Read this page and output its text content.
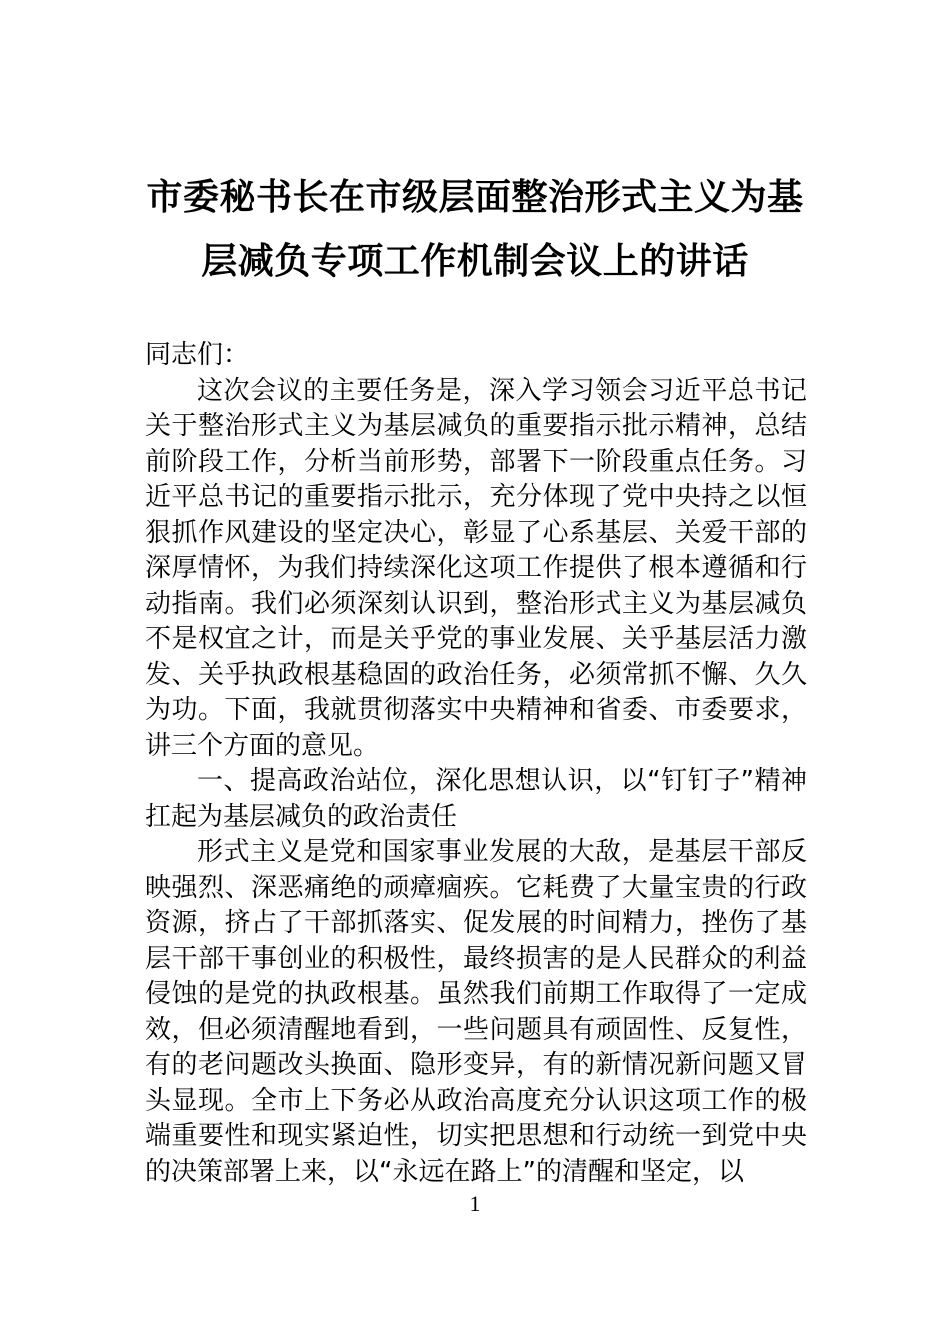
市委秘书长在市级层面整治形式主义为基
层减负专项工作机制会议上的讲话

同志们：

这次会议的主要任务是，深入学习领会习近平总书记关于整治形式主义为基层减负的重要指示批示精神，总结前阶段工作，分析当前形势，部署下一阶段重点任务。习近平总书记的重要指示批示，充分体现了党中央持之以恒狠抓作风建设的坚定决心，彰显了心系基层、关爱干部的深厚情怀，为我们持续深化这项工作提供了根本遵循和行动指南。我们必须深刻认识到，整治形式主义为基层减负不是权宜之计，而是关乎党的事业发展、关乎基层活力激发、关乎执政根基稳固的政治任务，必须常抓不懈、久久为功。下面，我就贯彻落实中央精神和省委、市委要求，讲三个方面的意见。

一、提高政治站位，深化思想认识，以“钉钉子”精神扛起为基层减负的政治责任

形式主义是党和国家事业发展的大敌，是基层干部反映强烈、深恶痛绝的顽瘴痼疾。它耗费了大量宝贵的行政资源，挤占了干部抓落实、促发展的时间精力，挫伤了基层干部干事创业的积极性，最终损害的是人民群众的利益侵蚀的是党的执政根基。虽然我们前期工作取得了一定成效，但必须清醒地看到，一些问题具有顽固性、反复性，有的老问题改头换面、隐形变异，有的新情况新问题又冒头显现。全市上下务必从政治高度充分认识这项工作的极端重要性和现实紧迫性，切实把思想和行动统一到党中央的决策部署上来，以“永远在路上”的清醒和坚定，以

1
